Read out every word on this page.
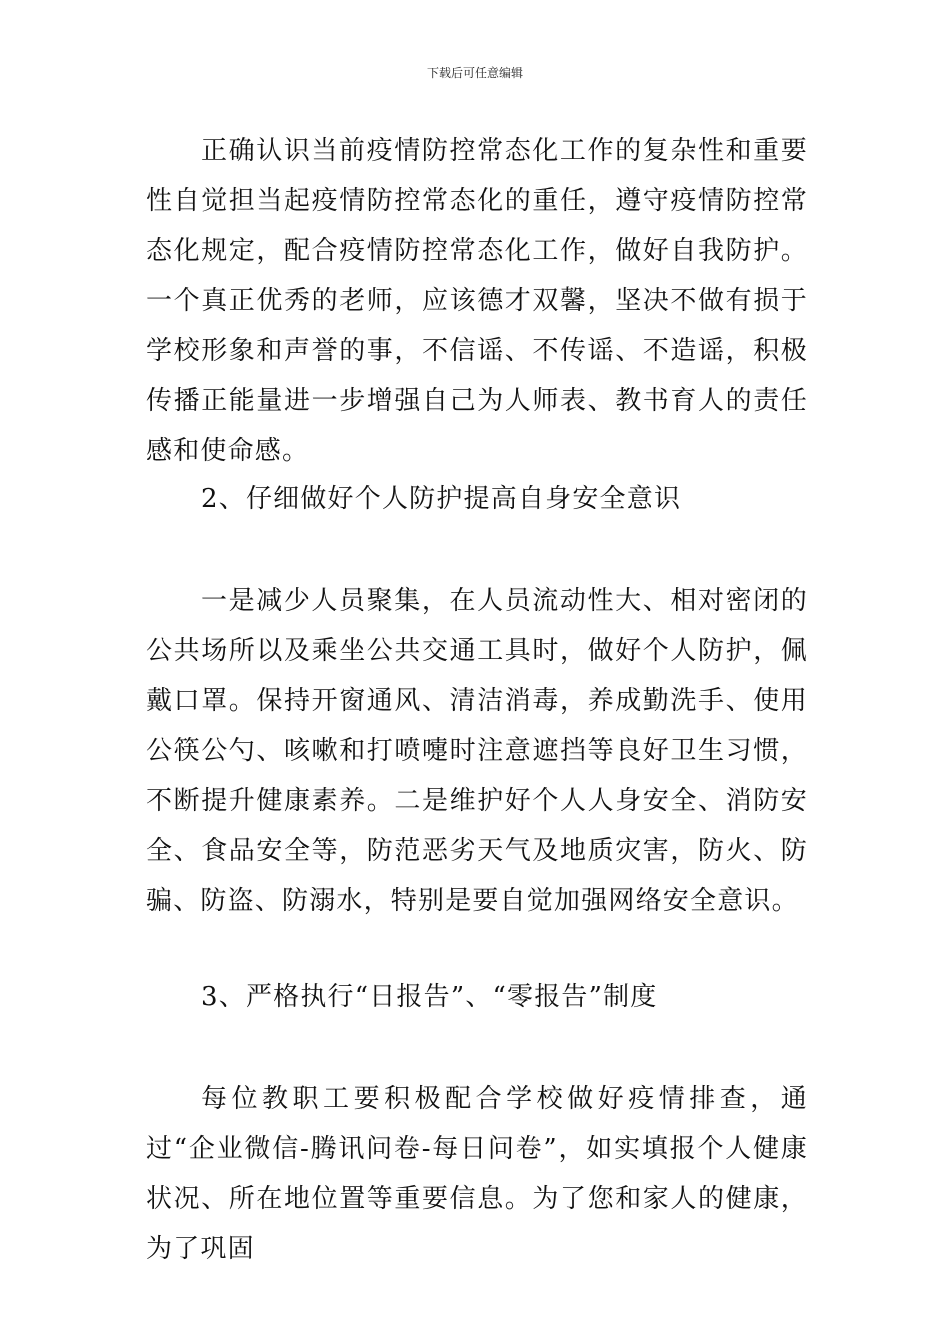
下载后可任意编辑

正确认识当前疫情防控常态化工作的复杂性和重要性自觉担当起疫情防控常态化的重任，遵守疫情防控常态化规定，配合疫情防控常态化工作，做好自我防护。一个真正优秀的老师，应该德才双馨，坚决不做有损于学校形象和声誉的事，不信谣、不传谣、不造谣，积极传播正能量进一步增强自己为人师表、教书育人的责任感和使命感。

2、仔细做好个人防护提高自身安全意识

一是减少人员聚集，在人员流动性大、相对密闭的公共场所以及乘坐公共交通工具时，做好个人防护，佩戴口罩。保持开窗通风、清洁消毒，养成勤洗手、使用公筷公勺、咳嗽和打喷嚏时注意遮挡等良好卫生习惯，不断提升健康素养。二是维护好个人人身安全、消防安全、食品安全等，防范恶劣天气及地质灾害，防火、防骗、防盗、防溺水，特别是要自觉加强网络安全意识。

3、严格执行“日报告”、“零报告”制度

每位教职工要积极配合学校做好疫情排查，通过“企业微信-腾讯问卷-每日问卷”，如实填报个人健康状况、所在地位置等重要信息。为了您和家人的健康，为了巩固
